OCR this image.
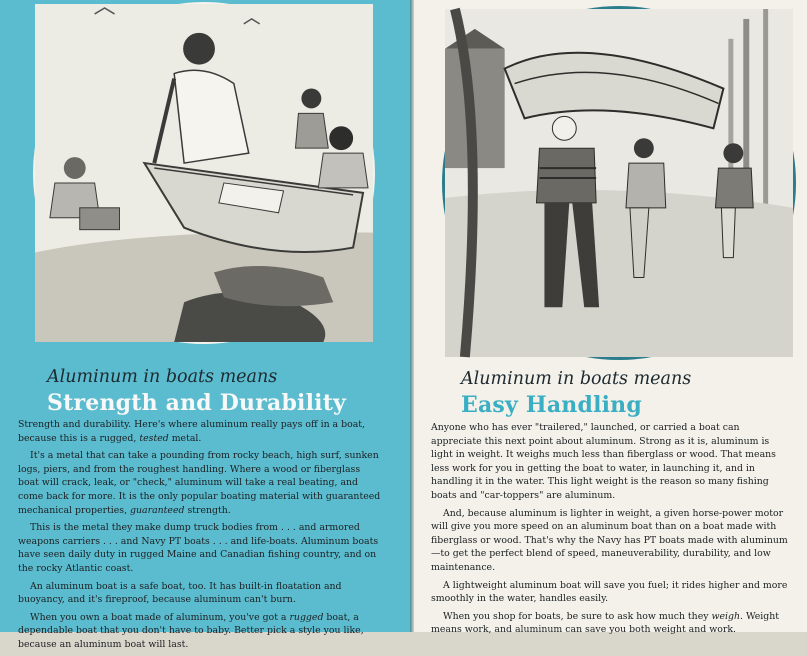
Aluminum in boats means
Strength and Durability

Strength and durability. Here's where aluminum really pays off in a boat, because this is a rugged, tested metal.

It's a metal that can take a pounding from rocky beach, high surf, sunken logs, piers, and from the roughest handling. Where a wood or fiberglass boat will crack, leak, or "check," aluminum will take a real beating, and come back for more. It is the only popular boating material with guaranteed mechanical properties, guaranteed strength.

This is the metal they make dump truck bodies from . . . and armored weapons carriers . . . and Navy PT boats . . . and life-boats. Aluminum boats have seen daily duty in rugged Maine and Canadian fishing country, and on the rocky Atlantic coast.

An aluminum boat is a safe boat, too. It has built-in floatation and buoyancy, and it's fireproof, because aluminum can't burn.

When you own a boat made of aluminum, you've got a rugged boat, a dependable boat that you don't have to baby. Better pick a style you like, because an aluminum boat will last.

Aluminum in boats means
Easy Handling

Anyone who has ever "trailered," launched, or carried a boat can appreciate this next point about aluminum. Strong as it is, aluminum is light in weight. It weighs much less than fiberglass or wood. That means less work for you in getting the boat to water, in launching it, and in handling it in the water. This light weight is the reason so many fishing boats and "car-toppers" are aluminum.

And, because aluminum is lighter in weight, a given horse-power motor will give you more speed on an aluminum boat than on a boat made with fiberglass or wood. That's why the Navy has PT boats made with aluminum—to get the perfect blend of speed, maneuverability, durability, and low maintenance.

A lightweight aluminum boat will save you fuel; it rides higher and more smoothly in the water, handles easily.

When you shop for boats, be sure to ask how much they weigh. Weight means work, and aluminum can save you both weight and work.
